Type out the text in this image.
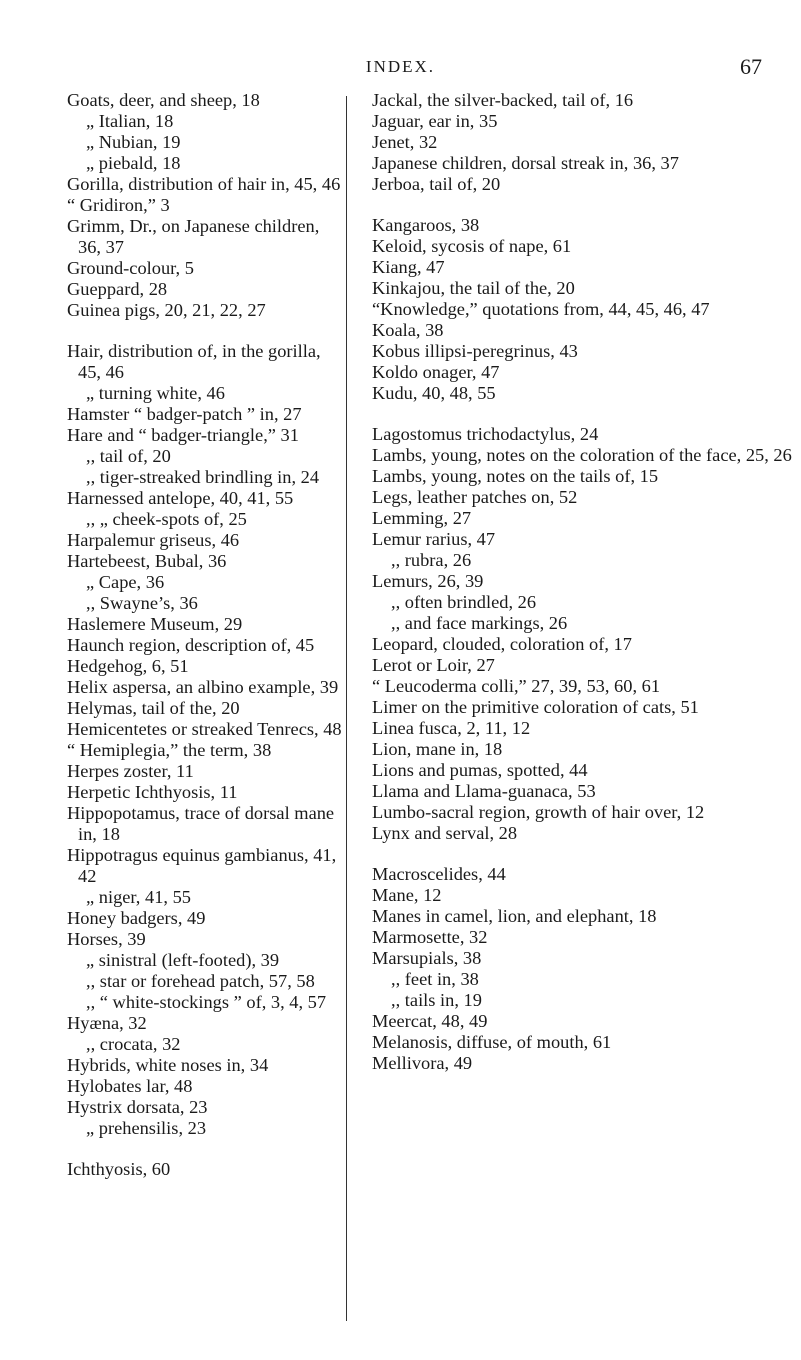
INDEX.	67
Goats, deer, and sheep, 18
„ Italian, 18
„ Nubian, 19
„ piebald, 18
Gorilla, distribution of hair in, 45, 46
“ Gridiron,” 3
Grimm, Dr., on Japanese children, 36, 37
Ground-colour, 5
Gueppard, 28
Guinea pigs, 20, 21, 22, 27
Hair, distribution of, in the gorilla, 45, 46
„ turning white, 46
Hamster “ badger-patch ” in, 27
Hare and “ badger-triangle,” 31
,, tail of, 20
,, tiger-streaked brindling in, 24
Harnessed antelope, 40, 41, 55
,, „ cheek-spots of, 25
Harpalemur griseus, 46
Hartebeest, Bubal, 36
„ Cape, 36
,, Swayne’s, 36
Haslemere Museum, 29
Haunch region, description of, 45
Hedgehog, 6, 51
Helix aspersa, an albino example, 39
Helymas, tail of the, 20
Hemicentetes or streaked Tenrecs, 48
“ Hemiplegia,” the term, 38
Herpes zoster, 11
Herpetic Ichthyosis, 11
Hippopotamus, trace of dorsal mane in, 18
Hippotragus equinus gambianus, 41, 42
„ niger, 41, 55
Honey badgers, 49
Horses, 39
„ sinistral (left-footed), 39
,, star or forehead patch, 57, 58
,, “ white-stockings ” of, 3, 4, 57
Hyæna, 32
,, crocata, 32
Hybrids, white noses in, 34
Hylobates lar, 48
Hystrix dorsata, 23
„ prehensilis, 23
Ichthyosis, 60
Jackal, the silver-backed, tail of, 16
Jaguar, ear in, 35
Jenet, 32
Japanese children, dorsal streak in, 36, 37
Jerboa, tail of, 20
Kangaroos, 38
Keloid, sycosis of nape, 61
Kiang, 47
Kinkajou, the tail of the, 20
“Knowledge,” quotations from, 44, 45, 46, 47
Koala, 38
Kobus illipsi-peregrinus, 43
Koldo onager, 47
Kudu, 40, 48, 55
Lagostomus trichodactylus, 24
Lambs, young, notes on the coloration of the face, 25, 26
Lambs, young, notes on the tails of, 15
Legs, leather patches on, 52
Lemming, 27
Lemur rarius, 47
,, rubra, 26
Lemurs, 26, 39
,, often brindled, 26
,, and face markings, 26
Leopard, clouded, coloration of, 17
Lerot or Loir, 27
“ Leucoderma colli,” 27, 39, 53, 60, 61
Limer on the primitive coloration of cats, 51
Linea fusca, 2, 11, 12
Lion, mane in, 18
Lions and pumas, spotted, 44
Llama and Llama-guanaca, 53
Lumbo-sacral region, growth of hair over, 12
Lynx and serval, 28
Macroscelides, 44
Mane, 12
Manes in camel, lion, and elephant, 18
Marmosette, 32
Marsupials, 38
,, feet in, 38
,, tails in, 19
Meercat, 48, 49
Melanosis, diffuse, of mouth, 61
Mellivora, 49
